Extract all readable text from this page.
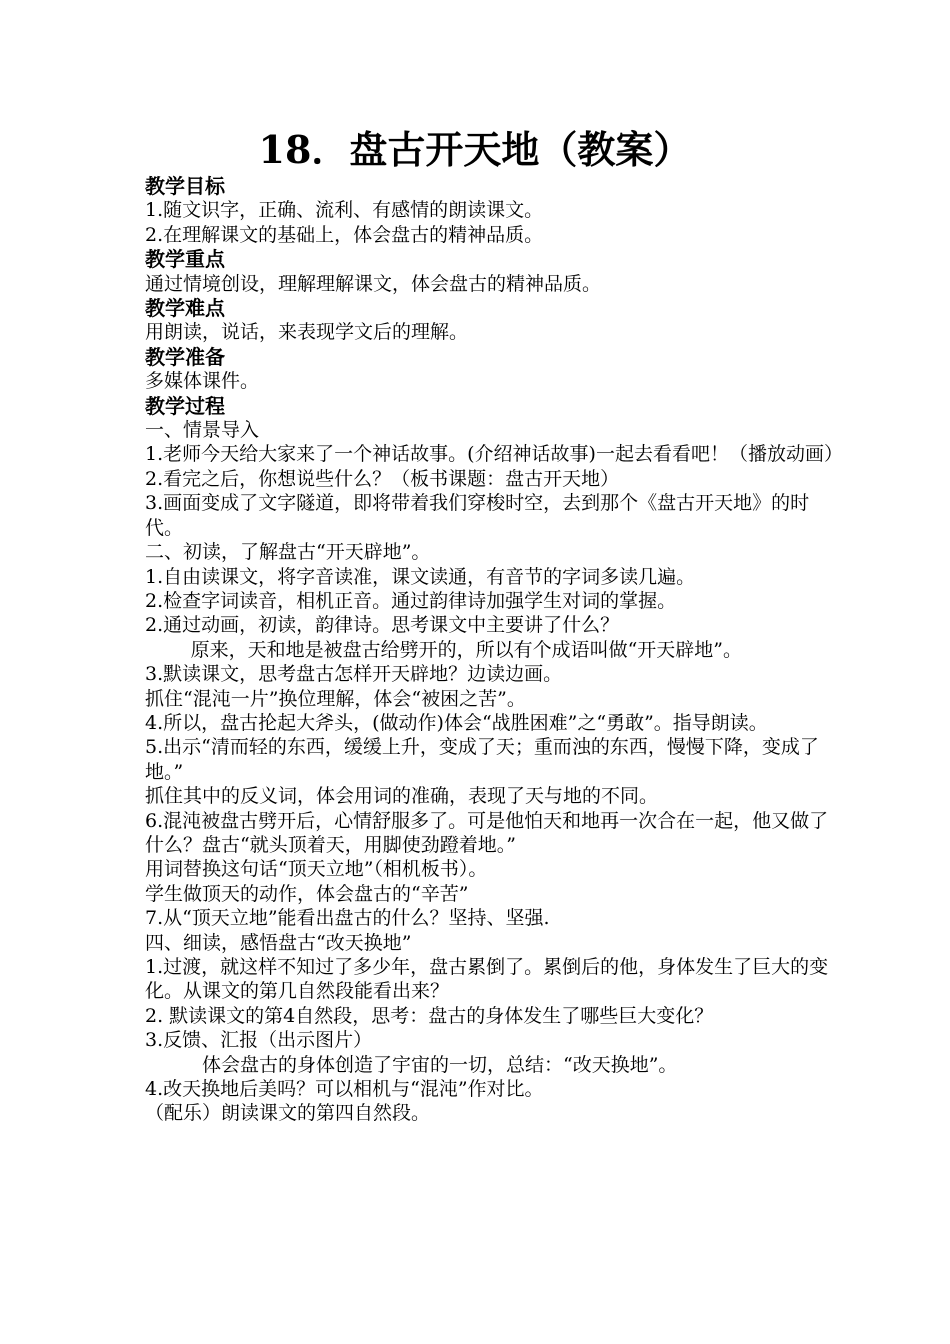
18．盘古开天地（教案）

教学目标

1.随文识字，正确、流利、有感情的朗读课文。

2.在理解课文的基础上，体会盘古的精神品质。

教学重点

通过情境创设，理解理解课文，体会盘古的精神品质。

教学难点

用朗读，说话，来表现学文后的理解。

教学准备

多媒体课件。

教学过程

一、情景导入

1.老师今天给大家来了一个神话故事。(介绍神话故事)一起去看看吧！（播放动画）

2.看完之后，你想说些什么？（板书课题：盘古开天地）

3.画面变成了文字隧道，即将带着我们穿梭时空，去到那个《盘古开天地》的时代。

二、初读，了解盘古“开天辟地”。

1.自由读课文，将字音读准，课文读通，有音节的字词多读几遍。

2.检查字词读音，相机正音。通过韵律诗加强学生对词的掌握。

2.通过动画，初读，韵律诗。思考课文中主要讲了什么？

原来，天和地是被盘古给劈开的，所以有个成语叫做“开天辟地”。

3.默读课文，思考盘古怎样开天辟地？边读边画。

抓住“混沌一片”换位理解，体会“被困之苦”。

4.所以，盘古抡起大斧头，(做动作)体会“战胜困难”之“勇敢”。指导朗读。

5.出示“清而轻的东西，缓缓上升，变成了天；重而浊的东西，慢慢下降，变成了地。”

抓住其中的反义词，体会用词的准确，表现了天与地的不同。

6.混沌被盘古劈开后，心情舒服多了。可是他怕天和地再一次合在一起，他又做了什么？盘古“就头顶着天，用脚使劲蹬着地。”

用词替换这句话“顶天立地”（相机板书）。

学生做顶天的动作，体会盘古的“辛苦”

7.从“顶天立地”能看出盘古的什么？坚持、坚强.

四、细读，感悟盘古“改天换地”

1.过渡，就这样不知过了多少年，盘古累倒了。累倒后的他，身体发生了巨大的变化。从课文的第几自然段能看出来？

2. 默读课文的第4自然段，思考：盘古的身体发生了哪些巨大变化？

3.反馈、汇报（出示图片）

体会盘古的身体创造了宇宙的一切，总结：“改天换地”。

4.改天换地后美吗？可以相机与“混沌”作对比。

（配乐）朗读课文的第四自然段。
